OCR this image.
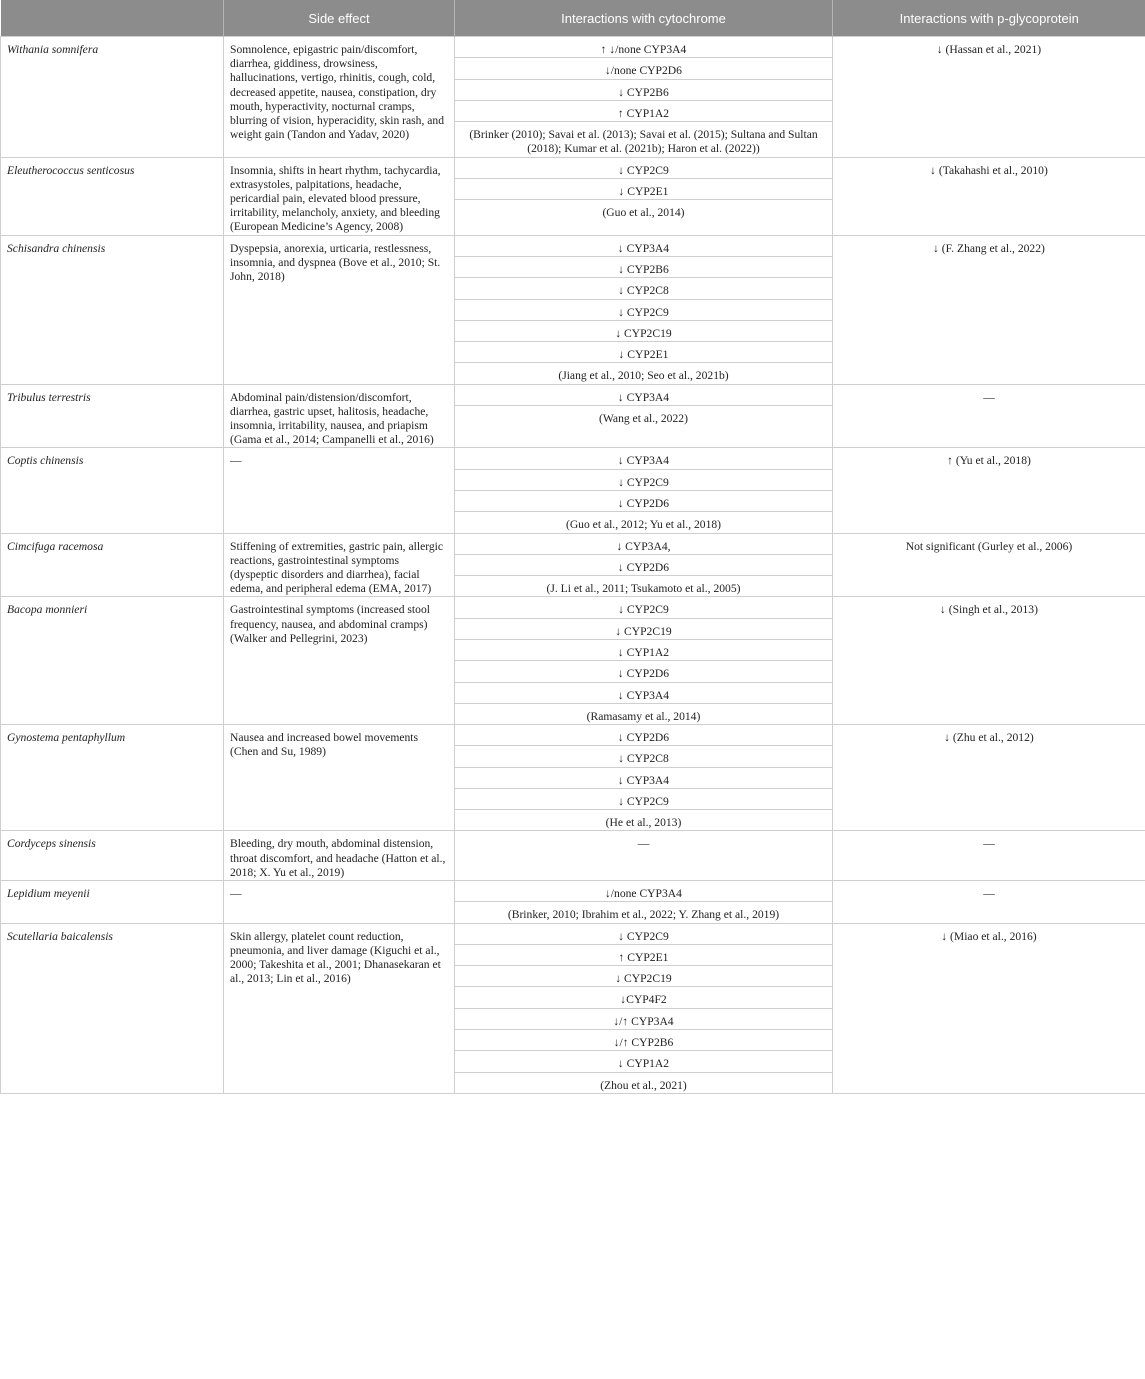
	Side effect	Interactions with cytochrome	Interactions with p-glycoprotein
Withania somnifera	Somnolence, epigastric pain/discomfort, diarrhea, giddiness, drowsiness, hallucinations, vertigo, rhinitis, cough, cold, decreased appetite, nausea, constipation, dry mouth, hyperactivity, nocturnal cramps, blurring of vision, hyperacidity, skin rash, and weight gain (Tandon and Yadav, 2020)	↑ ↓/none CYP3A4	↓ (Hassan et al., 2021)
		↓/none CYP2D6	
		↓ CYP2B6	
		↑ CYP1A2	
		(Brinker (2010); Savai et al. (2013); Savai et al. (2015); Sultana and Sultan (2018); Kumar et al. (2021b); Haron et al. (2022))	
Eleutherococcus senticosus	Insomnia, shifts in heart rhythm, tachycardia, extrasystoles, palpitations, headache, pericardial pain, elevated blood pressure, irritability, melancholy, anxiety, and bleeding (European Medicine’s Agency, 2008)	↓ CYP2C9	↓ (Takahashi et al., 2010)
		↓ CYP2E1	
		(Guo et al., 2014)	
Schisandra chinensis	Dyspepsia, anorexia, urticaria, restlessness, insomnia, and dyspnea (Bove et al., 2010; St. John, 2018)	↓ CYP3A4	↓ (F. Zhang et al., 2022)
		↓ CYP2B6	
		↓ CYP2C8	
		↓ CYP2C9	
		↓ CYP2C19	
		↓ CYP2E1	
		(Jiang et al., 2010; Seo et al., 2021b)	
Tribulus terrestris	Abdominal pain/distension/discomfort, diarrhea, gastric upset, halitosis, headache, insomnia, irritability, nausea, and priapism (Gama et al., 2014; Campanelli et al., 2016)	↓ CYP3A4	—
		(Wang et al., 2022)	
Coptis chinensis	—	↓ CYP3A4	↑ (Yu et al., 2018)
		↓ CYP2C9	
		↓ CYP2D6	
		(Guo et al., 2012; Yu et al., 2018)	
Cimcifuga racemosa	Stiffening of extremities, gastric pain, allergic reactions, gastrointestinal symptoms (dyspeptic disorders and diarrhea), facial edema, and peripheral edema (EMA, 2017)	↓ CYP3A4,	Not significant (Gurley et al., 2006)
		↓ CYP2D6	
		(J. Li et al., 2011; Tsukamoto et al., 2005)	
Bacopa monnieri	Gastrointestinal symptoms (increased stool frequency, nausea, and abdominal cramps) (Walker and Pellegrini, 2023)	↓ CYP2C9	↓ (Singh et al., 2013)
		↓ CYP2C19	
		↓ CYP1A2	
		↓ CYP2D6	
		↓ CYP3A4	
		(Ramasamy et al., 2014)	
Gynostema pentaphyllum	Nausea and increased bowel movements (Chen and Su, 1989)	↓ CYP2D6	↓ (Zhu et al., 2012)
		↓ CYP2C8	
		↓ CYP3A4	
		↓ CYP2C9	
		(He et al., 2013)	
Cordyceps sinensis	Bleeding, dry mouth, abdominal distension, throat discomfort, and headache (Hatton et al., 2018; X. Yu et al., 2019)	—	—
Lepidium meyenii	—	↓/none CYP3A4	—
		(Brinker, 2010; Ibrahim et al., 2022; Y. Zhang et al., 2019)	
Scutellaria baicalensis	Skin allergy, platelet count reduction, pneumonia, and liver damage (Kiguchi et al., 2000; Takeshita et al., 2001; Dhanasekaran et al., 2013; Lin et al., 2016)	↓ CYP2C9	↓ (Miao et al., 2016)
		↑ CYP2E1	
		↓ CYP2C19	
		↓CYP4F2	
		↓/↑ CYP3A4	
		↓/↑ CYP2B6	
		↓ CYP1A2	
		(Zhou et al., 2021)	
